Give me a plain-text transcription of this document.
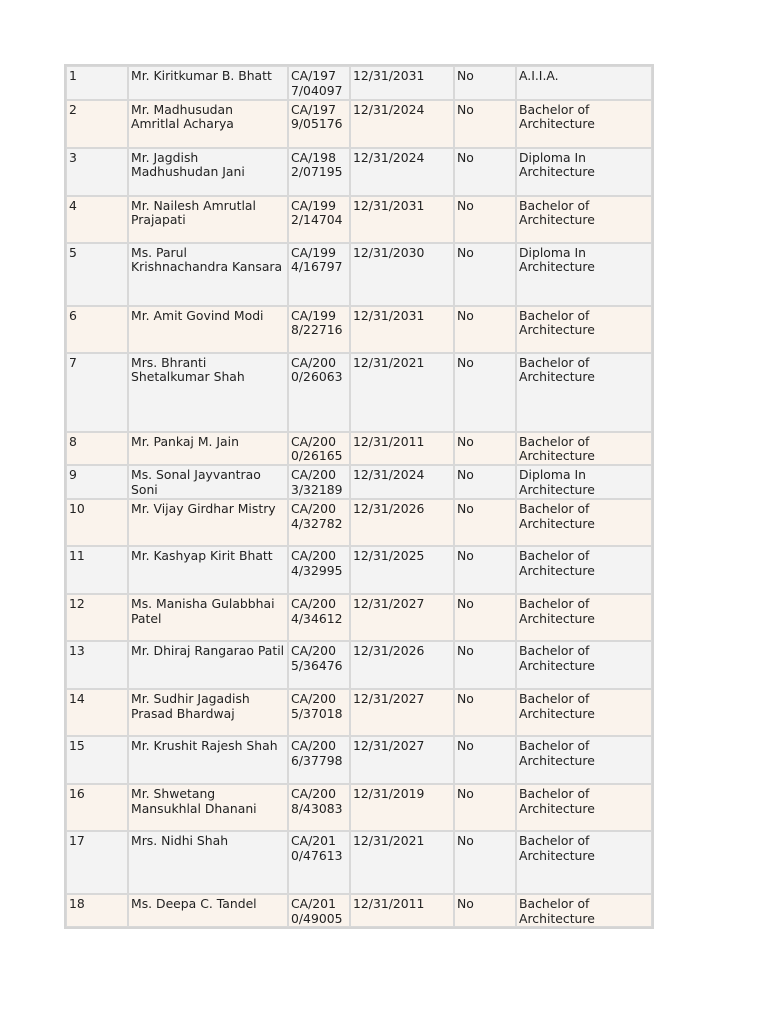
1	Mr. Kiritkumar B. Bhatt	CA/1977/04097	12/31/2031	No	A.I.I.A.

2	Mr. Madhusudan Amritlal Acharya	CA/1979/05176	12/31/2024	No	Bachelor of Architecture

3	Mr. Jagdish Madhushudan Jani	CA/1982/07195	12/31/2024	No	Diploma In Architecture

4	Mr. Nailesh Amrutlal Prajapati	CA/1992/14704	12/31/2031	No	Bachelor of Architecture

5	Ms. Parul Krishnachandra Kansara	CA/1994/16797	12/31/2030	No	Diploma In Architecture

6	Mr. Amit Govind Modi	CA/1998/22716	12/31/2031	No	Bachelor of Architecture

7	Mrs. Bhranti Shetalkumar Shah	CA/2000/26063	12/31/2021	No	Bachelor of Architecture

8	Mr. Pankaj M. Jain	CA/2000/26165	12/31/2011	No	Bachelor of Architecture

9	Ms. Sonal Jayvantrao Soni	CA/2003/32189	12/31/2024	No	Diploma In Architecture

10	Mr. Vijay Girdhar Mistry	CA/2004/32782	12/31/2026	No	Bachelor of Architecture

11	Mr. Kashyap Kirit Bhatt	CA/2004/32995	12/31/2025	No	Bachelor of Architecture

12	Ms. Manisha Gulabbhai Patel	CA/2004/34612	12/31/2027	No	Bachelor of Architecture

13	Mr. Dhiraj Rangarao Patil	CA/2005/36476	12/31/2026	No	Bachelor of Architecture

14	Mr. Sudhir Jagadish Prasad Bhardwaj	CA/2005/37018	12/31/2027	No	Bachelor of Architecture

15	Mr. Krushit Rajesh Shah	CA/2006/37798	12/31/2027	No	Bachelor of Architecture

16	Mr. Shwetang Mansukhlal Dhanani	CA/2008/43083	12/31/2019	No	Bachelor of Architecture

17	Mrs. Nidhi Shah	CA/2010/47613	12/31/2021	No	Bachelor of Architecture

18	Ms. Deepa C. Tandel	CA/2010/49005	12/31/2011	No	Bachelor of Architecture
